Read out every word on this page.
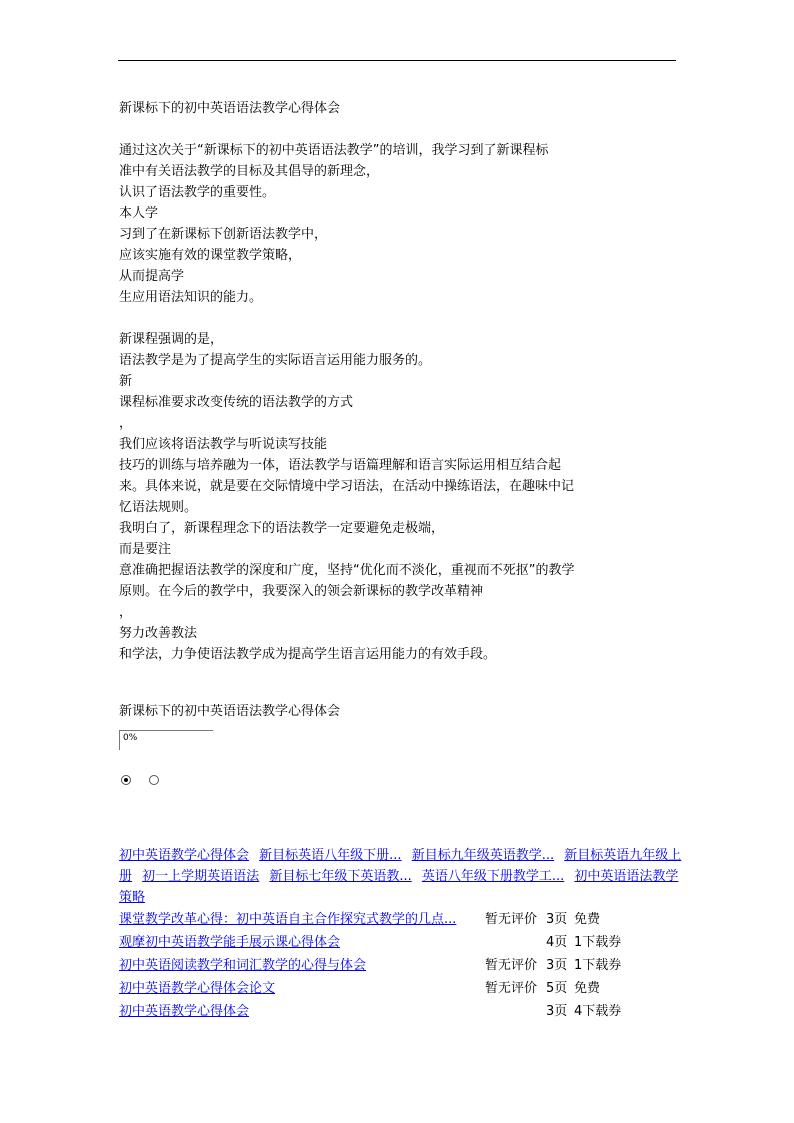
新课标下的初中英语语法教学心得体会
通过这次关于“新课标下的初中英语语法教学”的培训，我学习到了新课程标
准中有关语法教学的目标及其倡导的新理念，
认识了语法教学的重要性。
本人学
习到了在新课标下创新语法教学中，
应该实施有效的课堂教学策略，
从而提高学
生应用语法知识的能力。
新课程强调的是，
语法教学是为了提高学生的实际语言运用能力服务的。
新
课程标准要求改变传统的语法教学的方式
，
我们应该将语法教学与听说读写技能
技巧的训练与培养融为一体，语法教学与语篇理解和语言实际运用相互结合起
来。具体来说，就是要在交际情境中学习语法，在活动中操练语法，在趣味中记
忆语法规则。
我明白了，新课程理念下的语法教学一定要避免走极端，
而是要注
意准确把握语法教学的深度和广度，坚持“优化而不淡化，重视而不死抠”的教学
原则。在今后的教学中，我要深入的领会新课标的教学改革精神
，
努力改善教法
和学法，力争使语法教学成为提高学生语言运用能力的有效手段。
新课标下的初中英语语法教学心得体会
0%
初中英语教学心得体会 新目标英语八年级下册... 新目标九年级英语教学... 新目标英语九年级上册 初一上学期英语语法 新目标七年级下英语教... 英语八年级下册教学工... 初中英语语法教学策略
课堂教学改革心得：初中英语自主合作探究式教学的几点... 暂无评价 3页 免费
观摩初中英语教学能手展示课心得体会	4页 1下载券
初中英语阅读教学和词汇教学的心得与体会	暂无评价 3页 1下载券
初中英语教学心得体会论文	暂无评价 5页 免费
初中英语教学心得体会	3页 4下载券
